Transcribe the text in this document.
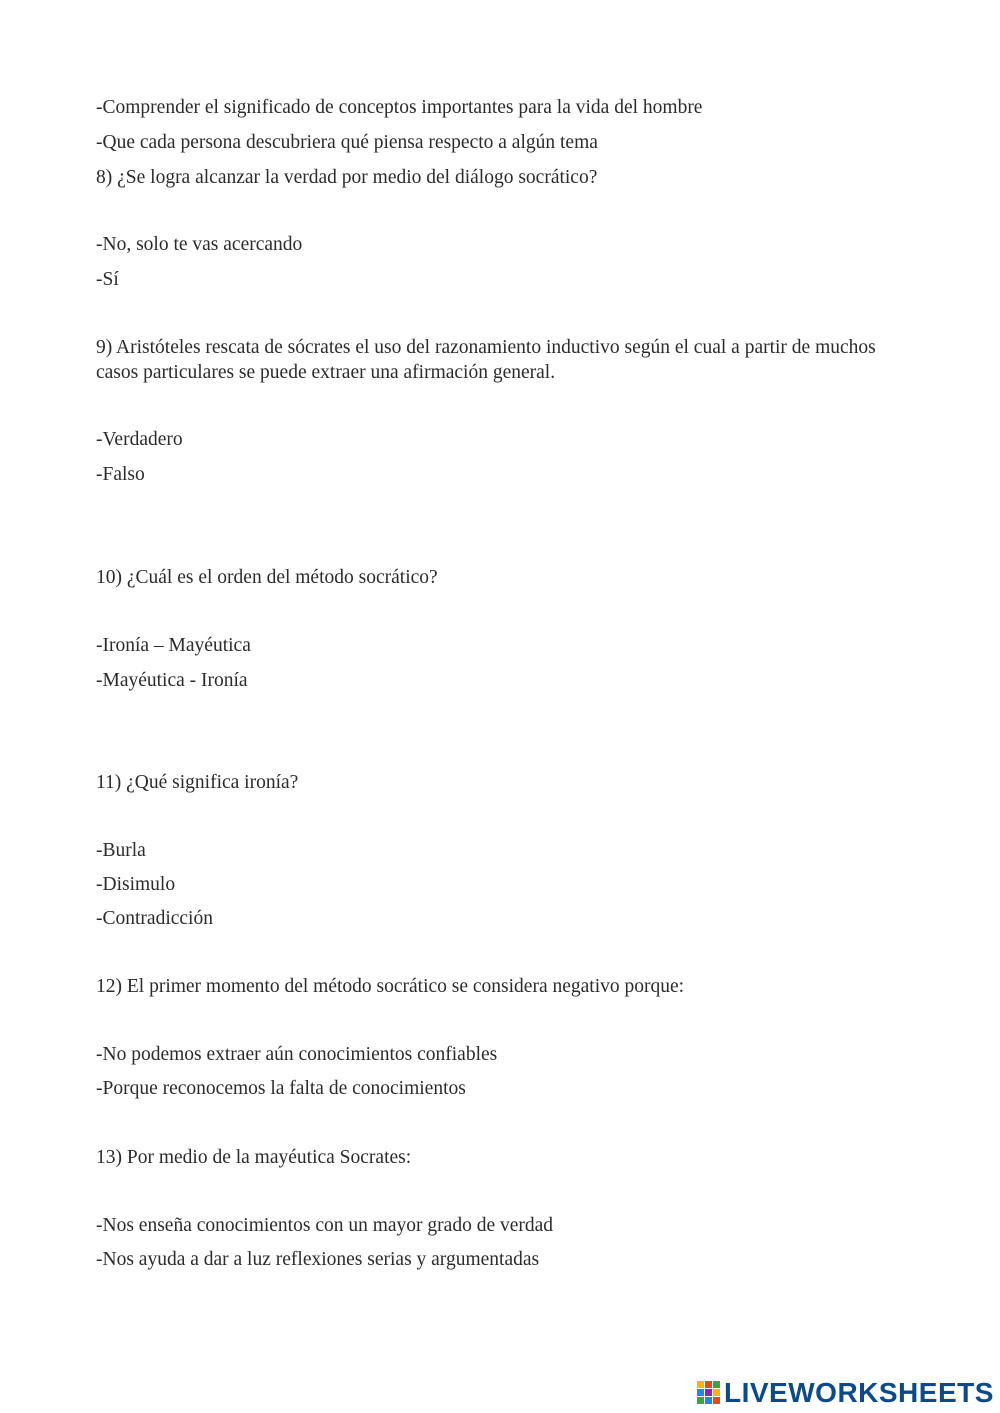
-Comprender el significado de conceptos importantes para la vida del hombre
-Que cada persona descubriera qué piensa respecto a algún tema
8) ¿Se logra alcanzar la verdad por medio del diálogo socrático?
-No, solo te vas acercando
-Sí
9) Aristóteles rescata de sócrates el uso del razonamiento inductivo según el cual a partir de muchos casos particulares se puede extraer una afirmación general.
-Verdadero
-Falso
10) ¿Cuál es el orden del método socrático?
-Ironía – Mayéutica
-Mayéutica - Ironía
11) ¿Qué significa ironía?
-Burla
-Disimulo
-Contradicción
12) El primer momento del método socrático se considera negativo porque:
-No podemos extraer aún conocimientos confiables
-Porque reconocemos la falta de conocimientos
13) Por medio de la mayéutica Socrates:
-Nos enseña conocimientos con un mayor grado de verdad
-Nos ayuda a dar a luz reflexiones serias y argumentadas
LIVEWORKSHEETS
